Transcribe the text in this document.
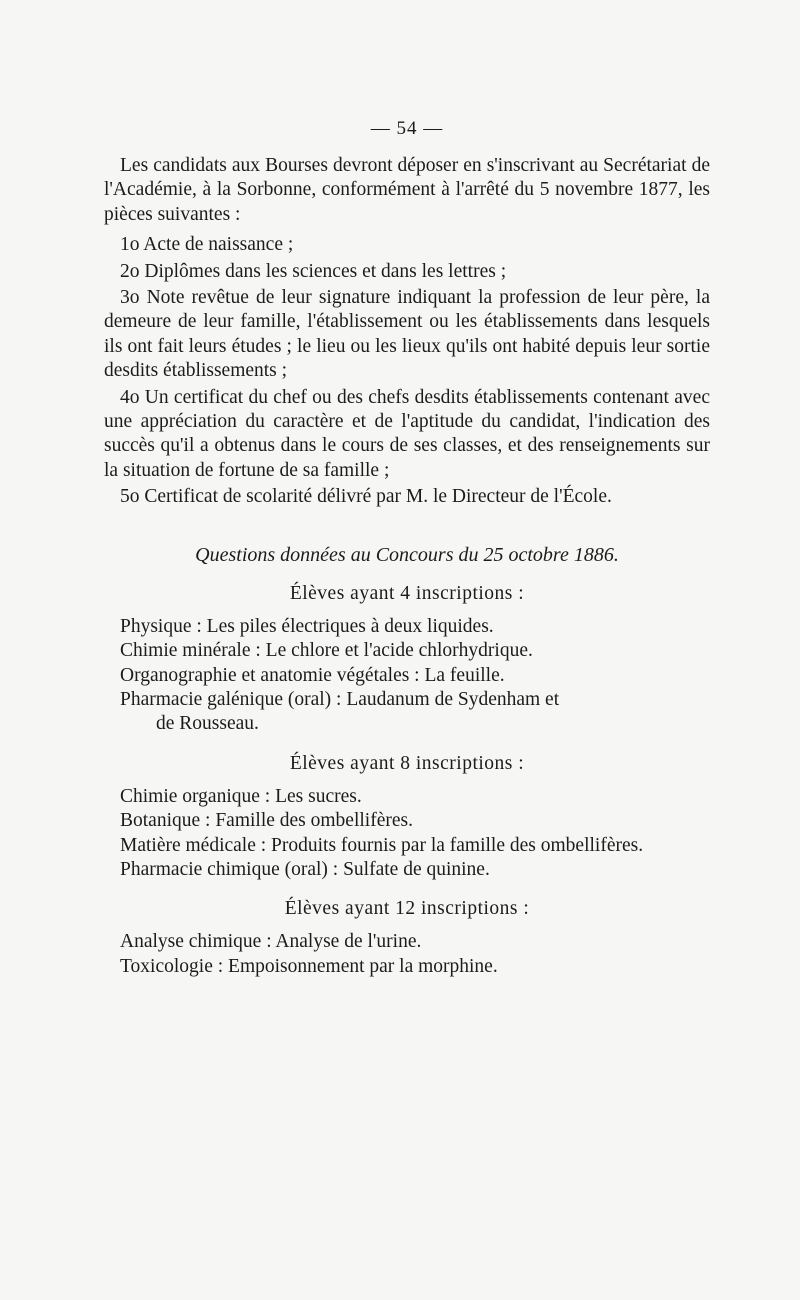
— 54 —

Les candidats aux Bourses devront déposer en s'inscrivant au Secrétariat de l'Académie, à la Sorbonne, conformément à l'arrêté du 5 novembre 1877, les pièces suivantes :

1o Acte de naissance ;

2o Diplômes dans les sciences et dans les lettres ;

3o Note revêtue de leur signature indiquant la profession de leur père, la demeure de leur famille, l'établissement ou les établissements dans lesquels ils ont fait leurs études ; le lieu ou les lieux qu'ils ont habité depuis leur sortie desdits établissements ;

4o Un certificat du chef ou des chefs desdits établissements contenant avec une appréciation du caractère et de l'aptitude du candidat, l'indication des succès qu'il a obtenus dans le cours de ses classes, et des renseignements sur la situation de fortune de sa famille ;

5o Certificat de scolarité délivré par M. le Directeur de l'École.

Questions données au Concours du 25 octobre 1886.
Élèves ayant 4 inscriptions :

Physique : Les piles électriques à deux liquides.

Chimie minérale : Le chlore et l'acide chlorhydrique.

Organographie et anatomie végétales : La feuille.

Pharmacie galénique (oral) : Laudanum de Sydenham et

de Rousseau.

Élèves ayant 8 inscriptions :

Chimie organique : Les sucres.

Botanique : Famille des ombellifères.

Matière médicale : Produits fournis par la famille des ombellifères.

Pharmacie chimique (oral) : Sulfate de quinine.

Élèves ayant 12 inscriptions :

Analyse chimique : Analyse de l'urine.

Toxicologie : Empoisonnement par la morphine.
